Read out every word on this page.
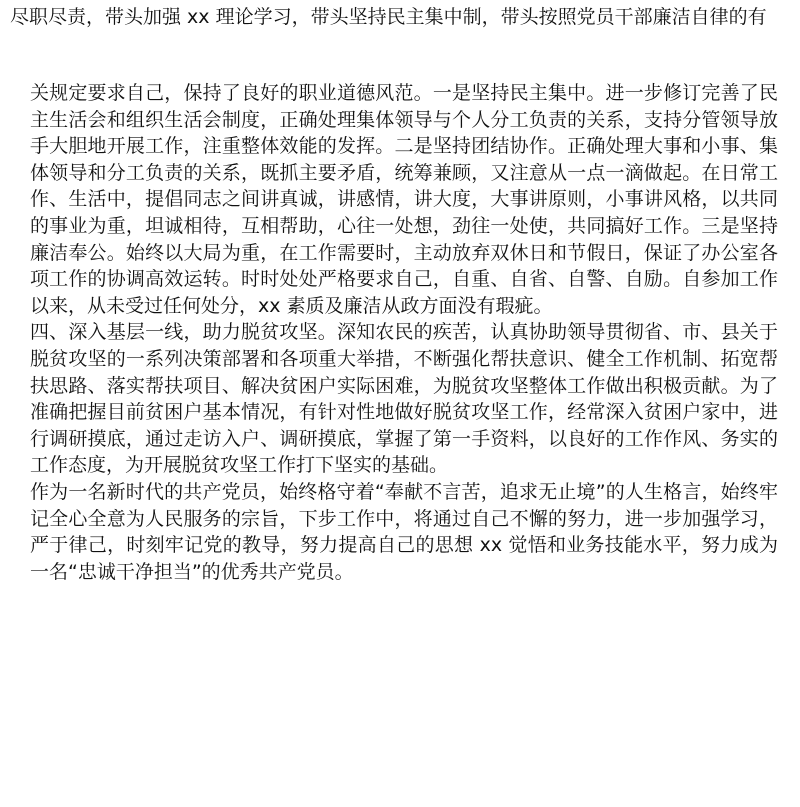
尽职尽责，带头加强 xx 理论学习，带头坚持民主集中制，带头按照党员干部廉洁自律的有

关规定要求自己，保持了良好的职业道德风范。一是坚持民主集中。进一步修订完善了民主生活会和组织生活会制度，正确处理集体领导与个人分工负责的关系，支持分管领导放手大胆地开展工作，注重整体效能的发挥。二是坚持团结协作。正确处理大事和小事、集体领导和分工负责的关系，既抓主要矛盾，统筹兼顾，又注意从一点一滴做起。在日常工作、生活中，提倡同志之间讲真诚，讲感情，讲大度，大事讲原则，小事讲风格，以共同的事业为重，坦诚相待，互相帮助，心往一处想，劲往一处使，共同搞好工作。三是坚持廉洁奉公。始终以大局为重，在工作需要时，主动放弃双休日和节假日，保证了办公室各项工作的协调高效运转。时时处处严格要求自己，自重、自省、自警、自励。自参加工作以来，从未受过任何处分，xx 素质及廉洁从政方面没有瑕疵。

四、深入基层一线，助力脱贫攻坚。深知农民的疾苦，认真协助领导贯彻省、市、县关于脱贫攻坚的一系列决策部署和各项重大举措，不断强化帮扶意识、健全工作机制、拓宽帮扶思路、落实帮扶项目、解决贫困户实际困难，为脱贫攻坚整体工作做出积极贡献。为了准确把握目前贫困户基本情况，有针对性地做好脱贫攻坚工作，经常深入贫困户家中，进行调研摸底，通过走访入户、调研摸底，掌握了第一手资料，以良好的工作作风、务实的工作态度，为开展脱贫攻坚工作打下坚实的基础。

作为一名新时代的共产党员，始终格守着“奉献不言苦，追求无止境”的人生格言，始终牢记全心全意为人民服务的宗旨，下步工作中，将通过自己不懈的努力，进一步加强学习，严于律己，时刻牢记党的教导，努力提高自己的思想 xx 觉悟和业务技能水平，努力成为一名“忠诚干净担当”的优秀共产党员。
